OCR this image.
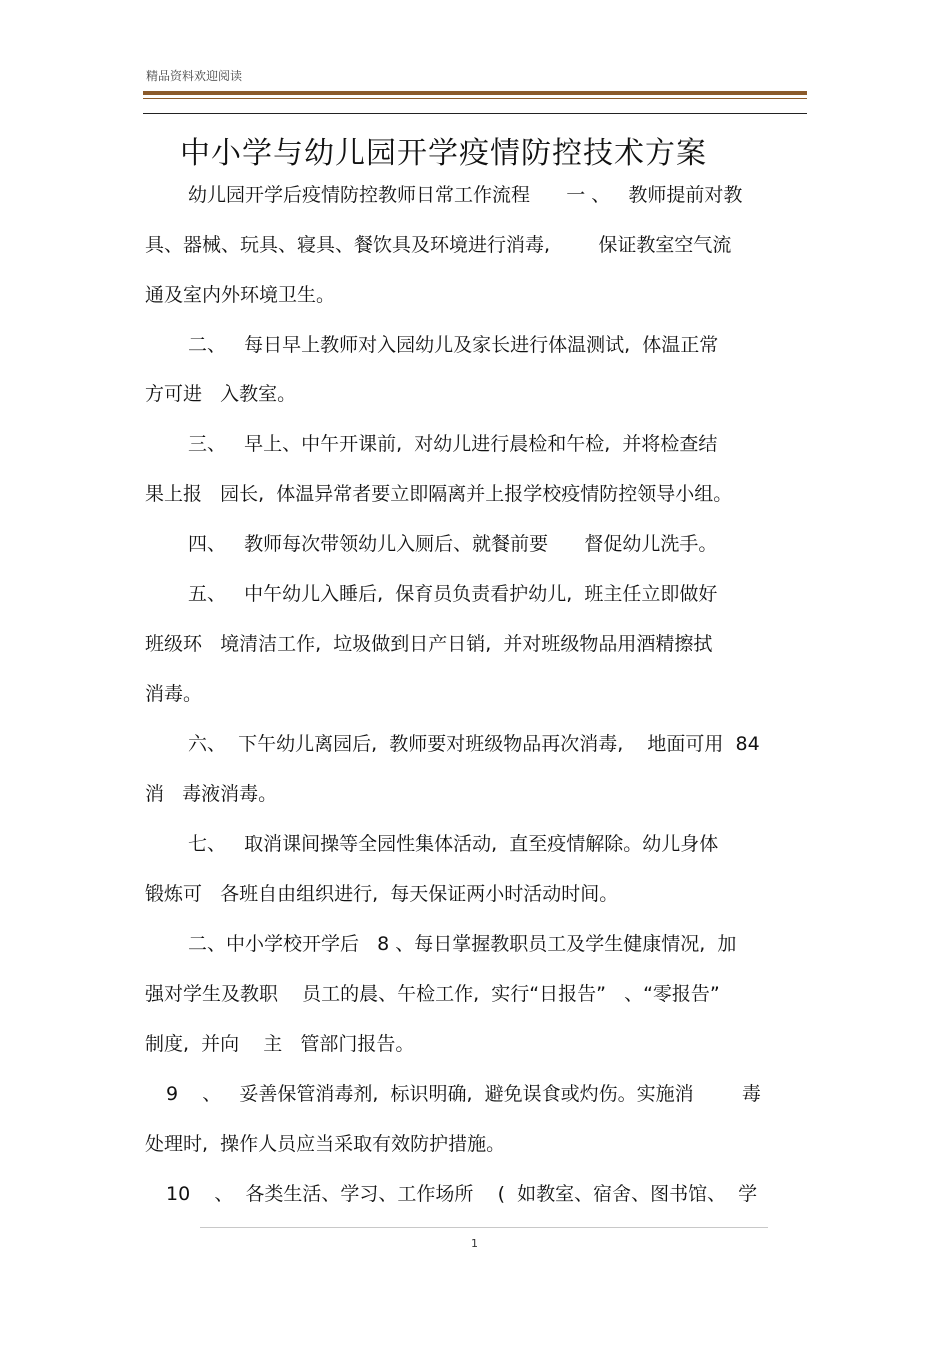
精品资料欢迎阅读
中小学与幼儿园开学疫情防控技术方案
幼儿园开学后疫情防控教师日常工作流程      一 、   教师提前对教
具、器械、玩具、寝具、餐饮具及环境进行消毒,        保证教室空气流
通及室内外环境卫生。
二、   每日早上教师对入园幼儿及家长进行体温测试,  体温正常
方可进   入教室。
三、   早上、中午开课前,  对幼儿进行晨检和午检,  并将检查结
果上报   园长,  体温异常者要立即隔离并上报学校疫情防控领导小组。
四、   教师每次带领幼儿入厕后、就餐前要      督促幼儿洗手。
五、   中午幼儿入睡后,  保育员负责看护幼儿,  班主任立即做好
班级环   境清洁工作,  垃圾做到日产日销,  并对班级物品用酒精擦拭
消毒。
六、  下午幼儿离园后,  教师要对班级物品再次消毒,    地面可用  84
消   毒液消毒。
七、   取消课间操等全园性集体活动,  直至疫情解除。幼儿身体
锻炼可   各班自由组织进行,  每天保证两小时活动时间。
二、中小学校开学后   8 、每日掌握教职员工及学生健康情况,  加
强对学生及教职    员工的晨、午检工作,  实行“日报告”   、“零报告”
制度,  并向    主   管部门报告。
9    、   妥善保管消毒剂,  标识明确,  避免误食或灼伤。实施消        毒
处理时,  操作人员应当采取有效防护措施。
10    、  各类生活、学习、工作场所    (  如教室、宿舍、图书馆、  学
1
